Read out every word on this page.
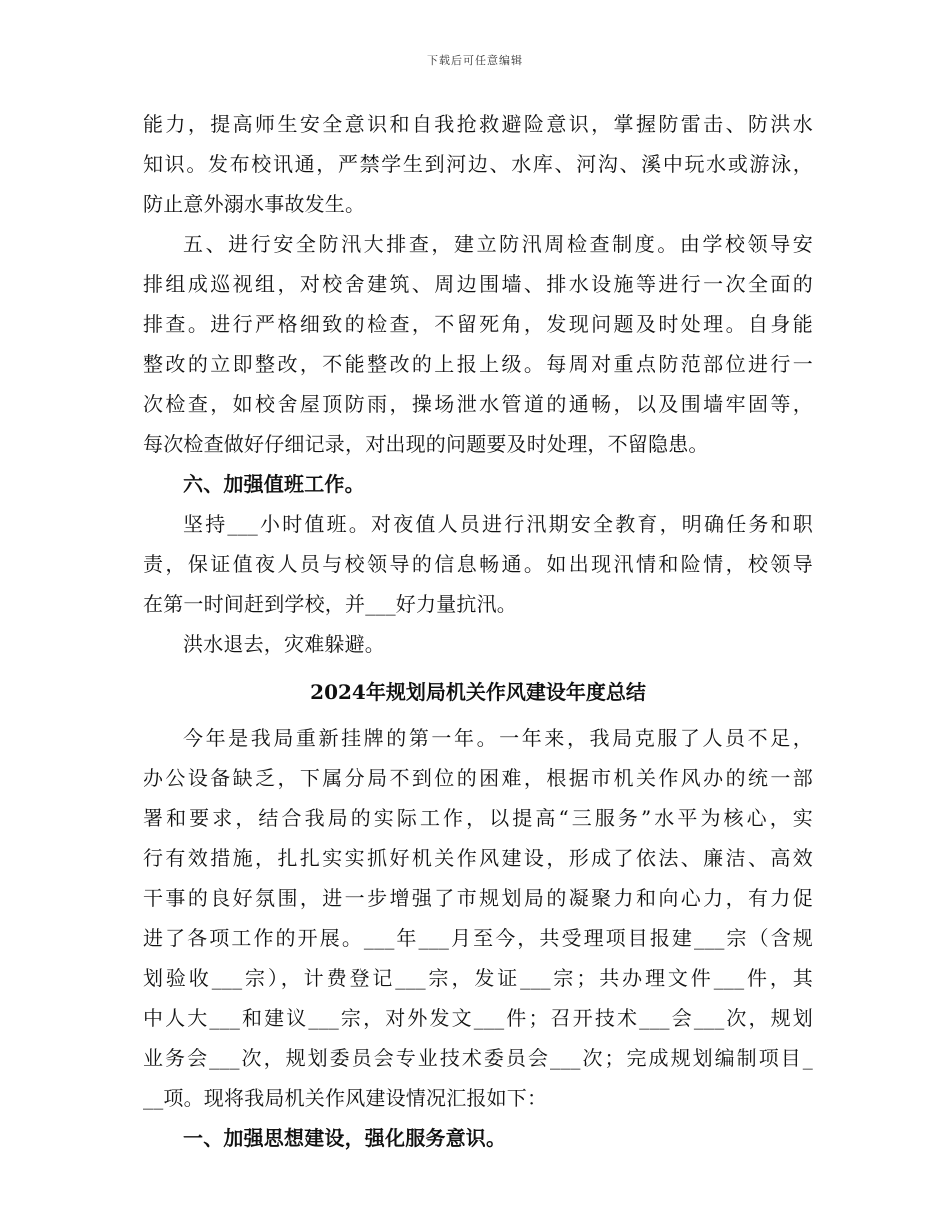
下载后可任意编辑
能力，提高师生安全意识和自我抢救避险意识，掌握防雷击、防洪水
知识。发布校讯通，严禁学生到河边、水库、河沟、溪中玩水或游泳，
防止意外溺水事故发生。
五、进行安全防汛大排查，建立防汛周检查制度。由学校领导安
排组成巡视组，对校舍建筑、周边围墙、排水设施等进行一次全面的
排查。进行严格细致的检查，不留死角，发现问题及时处理。自身能
整改的立即整改，不能整改的上报上级。每周对重点防范部位进行一
次检查，如校舍屋顶防雨，操场泄水管道的通畅，以及围墙牢固等，
每次检查做好仔细记录，对出现的问题要及时处理，不留隐患。
六、加强值班工作。
坚持___小时值班。对夜值人员进行汛期安全教育，明确任务和职
责，保证值夜人员与校领导的信息畅通。如出现汛情和险情，校领导
在第一时间赶到学校，并___好力量抗汛。
洪水退去，灾难躲避。
2024年规划局机关作风建设年度总结
今年是我局重新挂牌的第一年。一年来，我局克服了人员不足，
办公设备缺乏，下属分局不到位的困难，根据市机关作风办的统一部
署和要求，结合我局的实际工作，以提高“三服务”水平为核心，实
行有效措施，扎扎实实抓好机关作风建设，形成了依法、廉洁、高效
干事的良好氛围，进一步增强了市规划局的凝聚力和向心力，有力促
进了各项工作的开展。___年___月至今，共受理项目报建___宗（含规
划验收___宗），计费登记___宗，发证___宗；共办理文件___件，其
中人大___和建议___宗，对外发文___件；召开技术___会___次，规划
业务会___次，规划委员会专业技术委员会___次；完成规划编制项目_
__项。现将我局机关作风建设情况汇报如下：
一、加强思想建设，强化服务意识。
